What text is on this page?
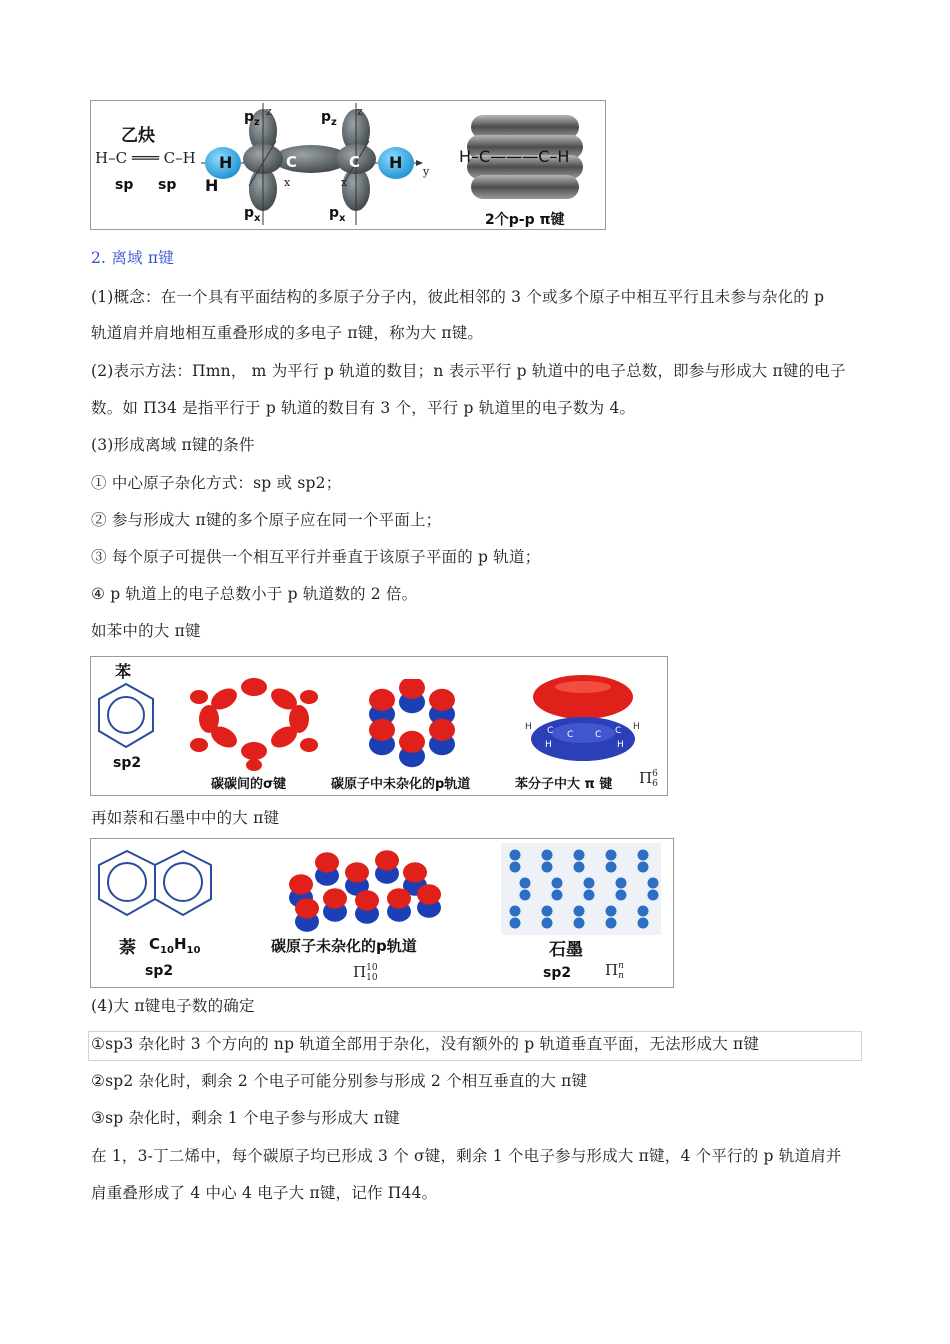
乙炔
H–C ═══ C–H
sp sp
$p_z$	$p_z$
$p_x$	$p_x$
z	z
x	x
y
H
H
C	C H	H–C———C–H
2个p-p π键
2. 离域 π键
(1)概念：在一个具有平面结构的多原子分子内，彼此相邻的 3 个或多个原子中相互平行且未参与杂化的 p
轨道肩并肩地相互重叠形成的多电子 π键，称为大 π键。
(2)表示方法：Πmn， m 为平行 p 轨道的数目；n 表示平行 p 轨道中的电子总数，即参与形成大 π键的电子
数。如 Π34 是指平行于 p 轨道的数目有 3 个，平行 p 轨道里的电子数为 4。
(3)形成离域 π键的条件
① 中心原子杂化方式：sp 或 sp2；
② 参与形成大 π键的多个原子应在同一个平面上；
③ 每个原子可提供一个相互平行并垂直于该原子平面的 p 轨道；
④ p 轨道上的电子总数小于 p 轨道数的 2 倍。
如苯中的大 π键
苯
sp2
碳碳间的σ键	碳原子中未杂化的p轨道
C C C C
H	H
H	H
苯分子中大 π 键 Π 6
6
再如萘和石墨中中的大 π键
萘 $C_{10}H_{10}$
sp2
碳原子未杂化的p轨道
Π 10
10
石墨
sp2 Π n
n
(4)大 π键电子数的确定
①sp3 杂化时 3 个方向的 np 轨道全部用于杂化，没有额外的 p 轨道垂直平面，无法形成大 π键
②sp2 杂化时，剩余 2 个电子可能分别参与形成 2 个相互垂直的大 π键
③sp 杂化时，剩余 1 个电子参与形成大 π键
在 1，3-丁二烯中，每个碳原子均已形成 3 个 σ键，剩余 1 个电子参与形成大 π键，4 个平行的 p 轨道肩并
肩重叠形成了 4 中心 4 电子大 π键，记作 Π44。
